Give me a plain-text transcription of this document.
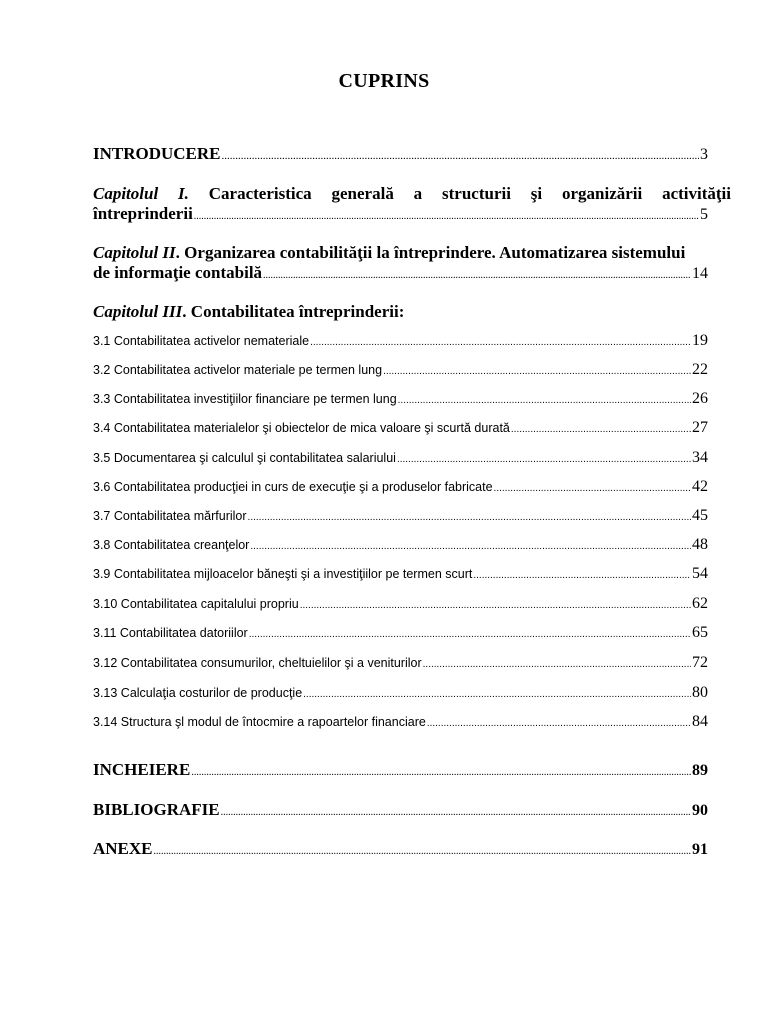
CUPRINS
INTRODUCERE .....	3
Capitolul I. Caracteristica generală a structurii şi organizării activităţii
întreprinderii .....	5
Capitolul II. Organizarea contabilităţii la întreprindere. Automatizarea sistemului
de informaţie contabilă .....	14
Capitolul III. Contabilitatea întreprinderii:
3.1 Contabilitatea activelor nemateriale .....	19
3.2 Contabilitatea activelor materiale pe termen lung .....	22
3.3 Contabilitatea investiţiilor financiare pe termen lung .....	26
3.4 Contabilitatea materialelor şi obiectelor de mica valoare şi scurtă durată .....	27
3.5 Documentarea şi calculul şi contabilitatea salariului .....	34
3.6 Contabilitatea producţiei in curs de execuţie şi a produselor fabricate .....	42
3.7 Contabilitatea mărfurilor .....	45
3.8 Contabilitatea creanţelor .....	48
3.9 Contabilitatea mijloacelor băneşti şi a investiţiilor pe termen scurt .....	54
3.10 Contabilitatea capitalului propriu .....	62
3.11 Contabilitatea datoriilor .....	65
3.12 Contabilitatea consumurilor, cheltuielilor şi a veniturilor .....	72
3.13 Calculaţia costurilor de producţie .....	80
3.14 Structura şl modul de întocmire a rapoartelor financiare .....	84
INCHEIERE .....	89
BIBLIOGRAFIE .....	90
ANEXE .....	91
